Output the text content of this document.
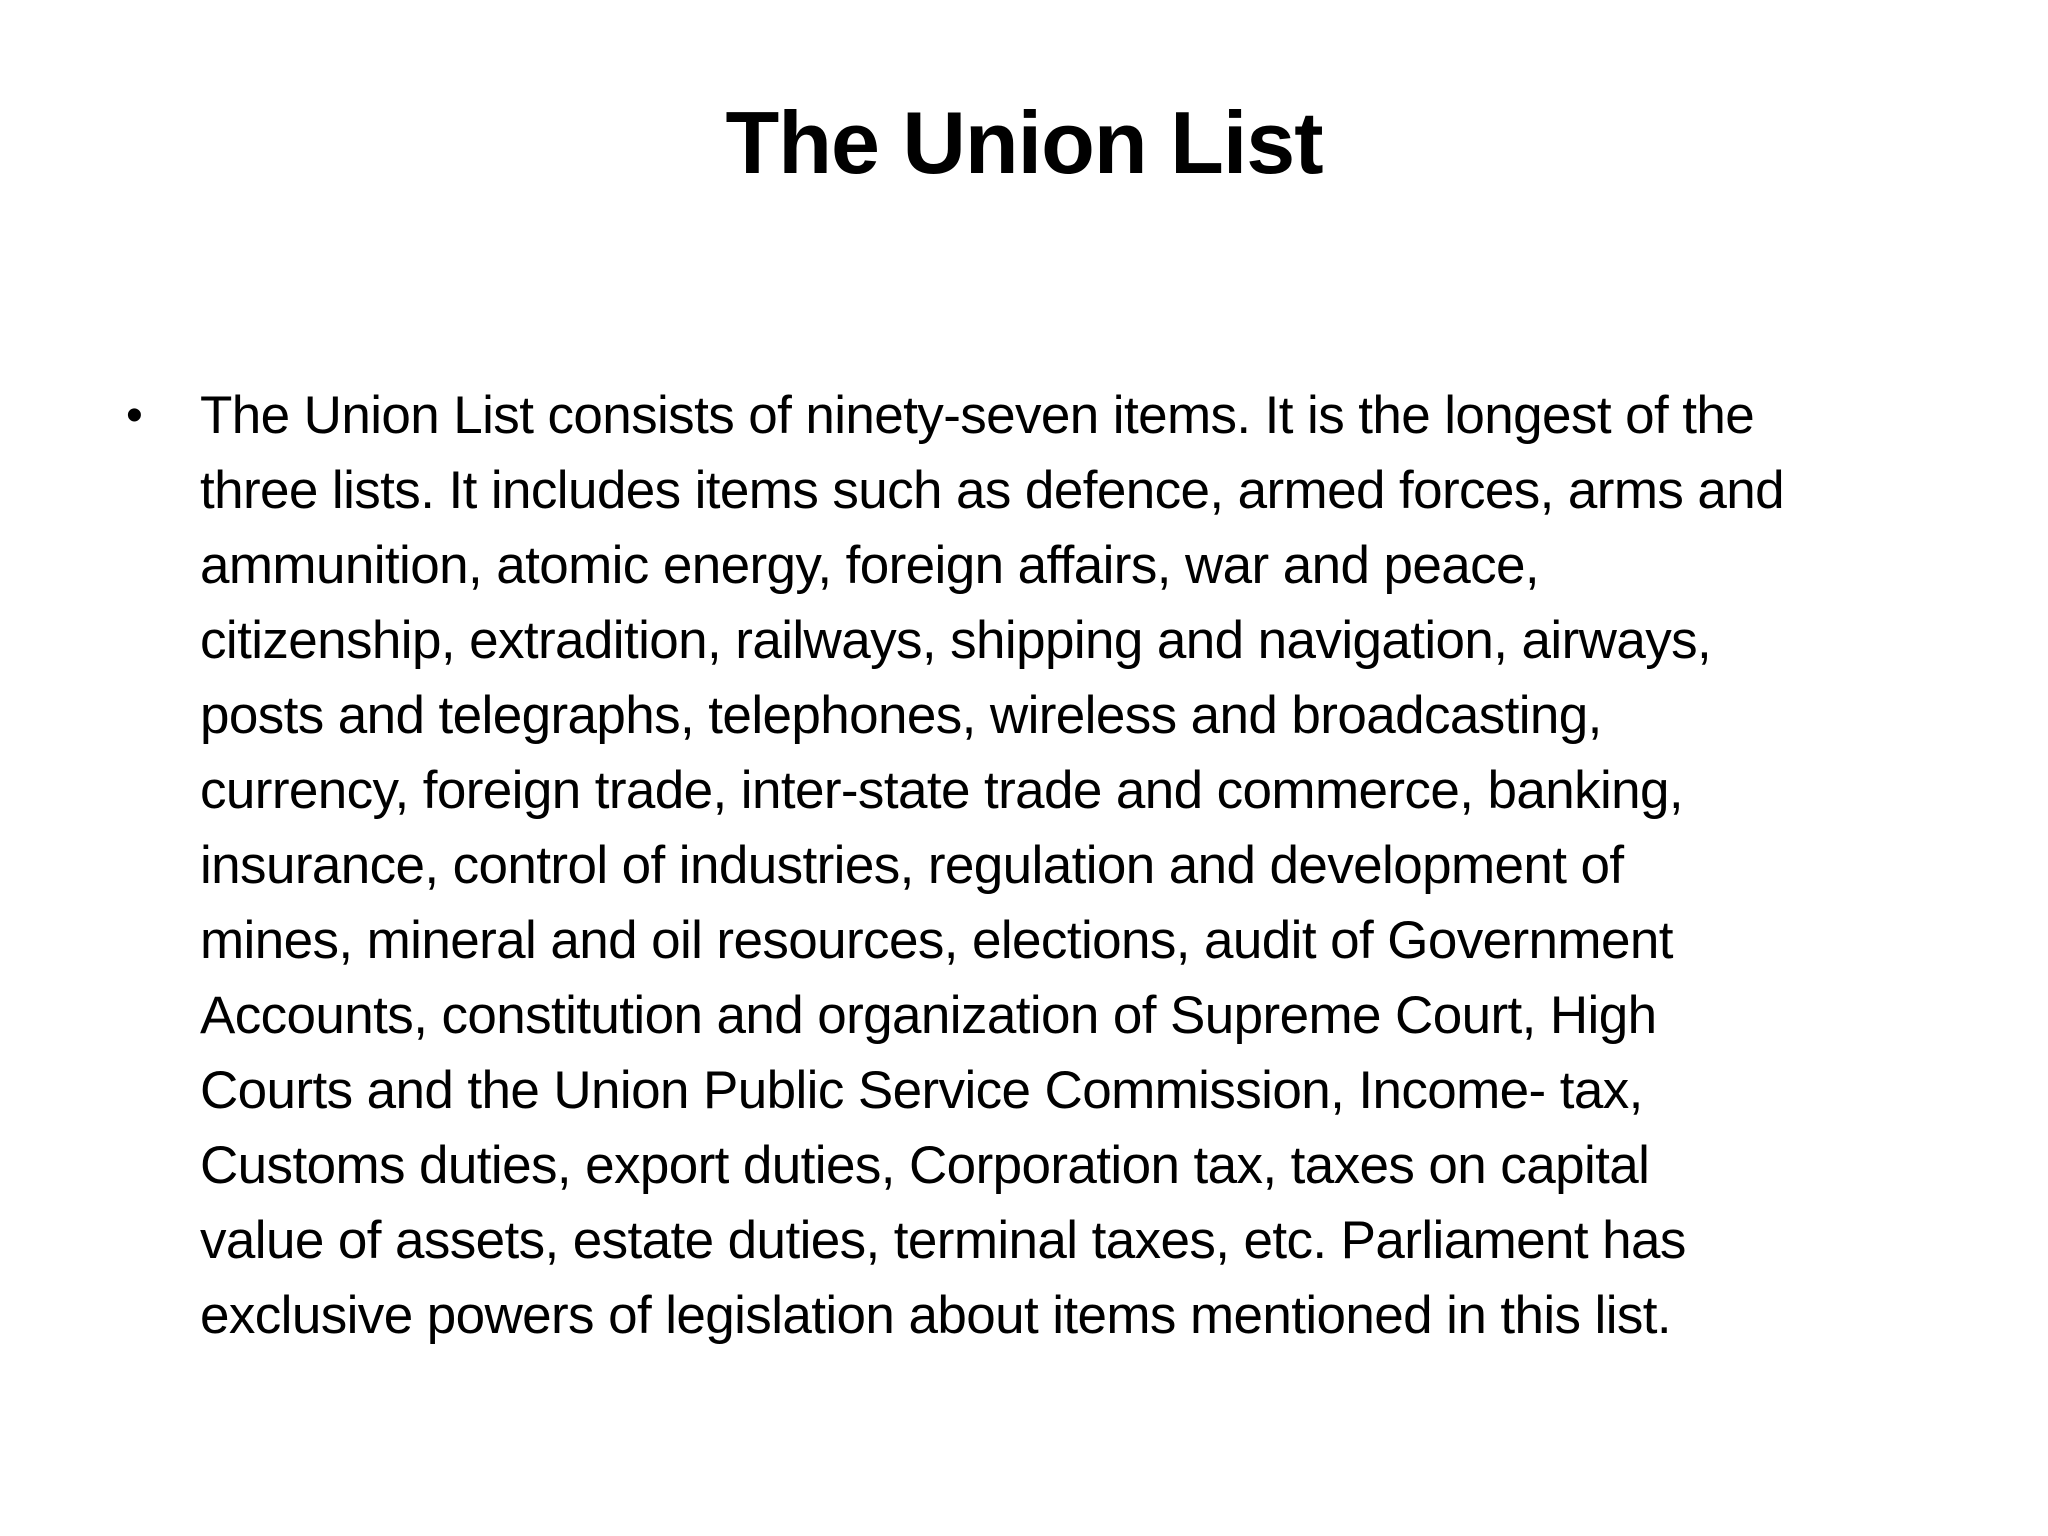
The Union List
• The Union List consists of ninety-seven items. It is the longest of the
three lists. It includes items such as defence, armed forces, arms and
ammunition, atomic energy, foreign affairs, war and peace,
citizenship, extradition, railways, shipping and navigation, airways,
posts and telegraphs, telephones, wireless and broadcasting,
currency, foreign trade, inter-state trade and commerce, banking,
insurance, control of industries, regulation and development of
mines, mineral and oil resources, elections, audit of Government
Accounts, constitution and organization of Supreme Court, High
Courts and the Union Public Service Commission, Income- tax,
Customs duties, export duties, Corporation tax, taxes on capital
value of assets, estate duties, terminal taxes, etc. Parliament has
exclusive powers of legislation about items mentioned in this list.
